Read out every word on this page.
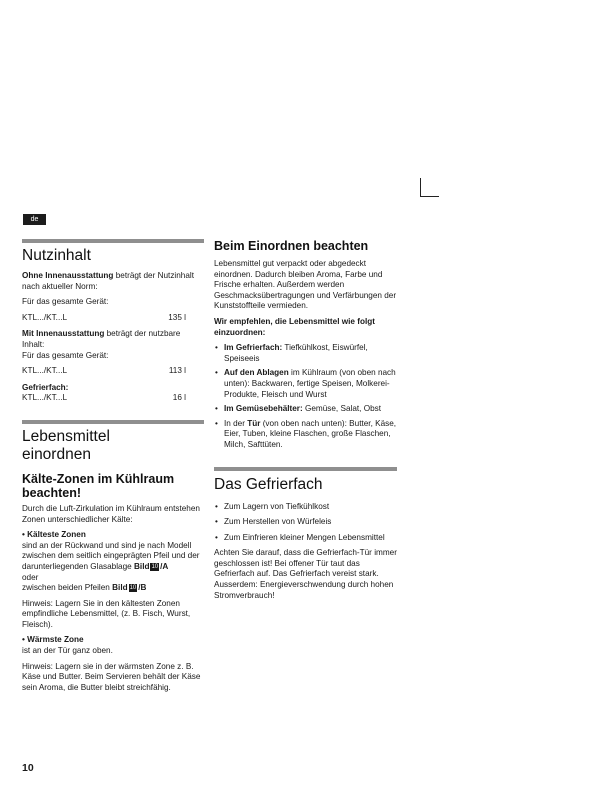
de
Nutzinhalt

Ohne Innenausstattung beträgt der Nutzinhalt nach aktueller Norm:

Für das gesamte Gerät:

KTL.../KT...L	135 l

Mit Innenausstattung beträgt der nutzbare Inhalt:
Für das gesamte Gerät:

KTL.../KT...L	113 l

Gefrierfach:

KTL.../KT...L	16 l
Lebensmittel
einordnen
Kälte-Zonen im Kühlraum
beachten!

Durch die Luft-Zirkulation im Kühlraum entstehen Zonen unterschiedlicher Kälte:

• Kälteste Zonen

sind an der Rückwand und sind je nach Modell zwischen dem seitlich eingeprägten Pfeil und der darunterliegenden Glasablage Bild 10 /A

oder

zwischen beiden Pfeilen Bild 10 /B

Hinweis: Lagern Sie in den kältesten Zonen empfindliche Lebensmittel, (z. B. Fisch, Wurst, Fleisch).

• Wärmste Zone

ist an der Tür ganz oben.

Hinweis: Lagern sie in der wärmsten Zone z. B. Käse und Butter. Beim Servieren behält der Käse sein Aroma, die Butter bleibt streichfähig.

Beim Einordnen beachten

Lebensmittel gut verpackt oder abgedeckt einordnen. Dadurch bleiben Aroma, Farbe und Frische erhalten. Außerdem werden Geschmacksübertragungen und Verfärbungen der Kunststoffteile vermieden.

Wir empfehlen, die Lebensmittel wie folgt einzuordnen:

• Im Gefrierfach: Tiefkühlkost, Eiswürfel, Speiseeis
• Auf den Ablagen im Kühlraum (von oben nach unten): Backwaren, fertige Speisen, Molkerei- Produkte, Fleisch und Wurst
• Im Gemüsebehälter: Gemüse, Salat, Obst
• In der Tür (von oben nach unten): Butter, Käse, Eier, Tuben, kleine Flaschen, große Flaschen, Milch, Safttüten.
Das Gefrierfach
• Zum Lagern von Tiefkühlkost
• Zum Herstellen von Würfeleis
• Zum Einfrieren kleiner Mengen Lebensmittel

Achten Sie darauf, dass die Gefrierfach-Tür immer geschlossen ist! Bei offener Tür taut das Gefrierfach auf. Das Gefrierfach vereist stark. Ausserdem: Energieverschwendung durch hohen Stromverbrauch!

10
